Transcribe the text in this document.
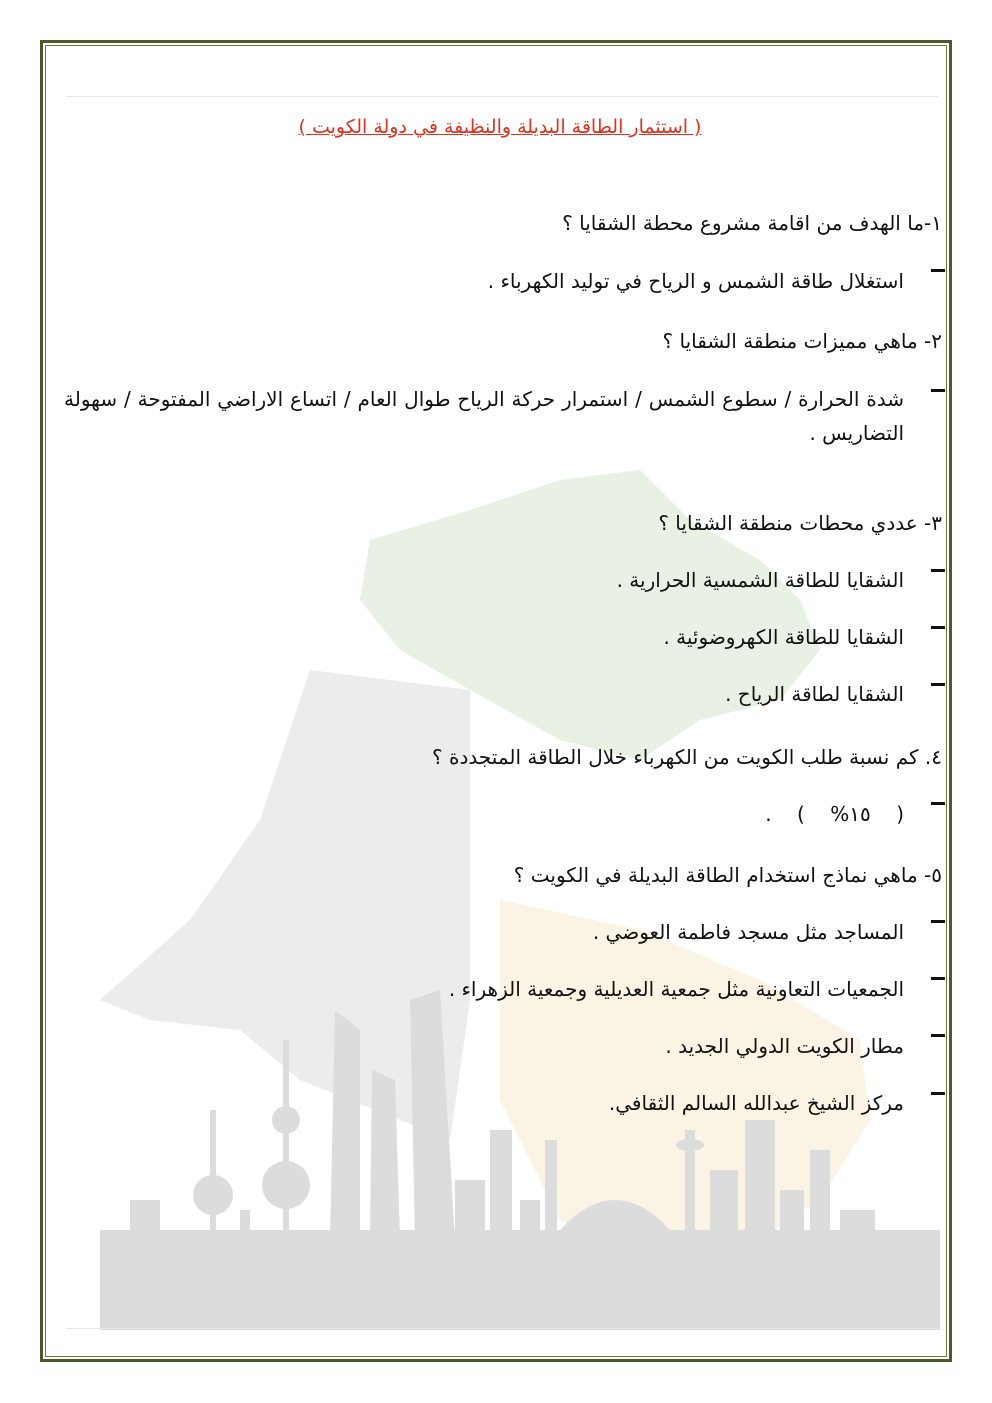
( استثمار الطاقة البديلة والنظيفة في دولة الكويت )
١-ما الهدف من اقامة مشروع محطة الشقايا ؟
استغلال طاقة الشمس و الرياح في توليد الكهرباء .
٢- ماهي مميزات منطقة الشقايا ؟
شدة الحرارة / سطوع الشمس / استمرار حركة الرياح طوال العام / اتساع الاراضي المفتوحة / سهولة التضاريس .
٣- عددي محطات منطقة الشقايا ؟
الشقايا للطاقة الشمسية الحرارية .
الشقايا للطاقة الكهروضوئية .
الشقايا لطاقة الرياح .
٤. كم نسبة طلب الكويت من الكهرباء خلال الطاقة المتجددة ؟
(    ١٥%    )    .
٥- ماهي نماذج استخدام الطاقة البديلة في الكويت ؟
المساجد مثل مسجد فاطمة العوضي .
الجمعيات التعاونية مثل جمعية العديلية وجمعية الزهراء .
مطار الكويت الدولي الجديد .
مركز الشيخ عبدالله السالم الثقافي.
